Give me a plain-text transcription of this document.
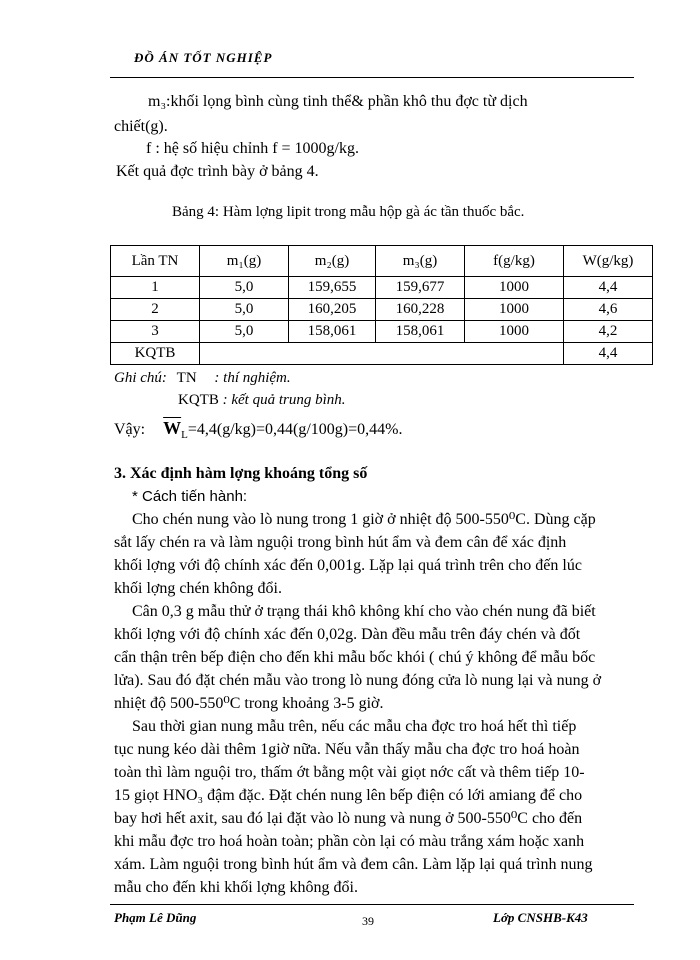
ĐỒ ÁN TỐT NGHIỆP
m₃:khối lọng bình cùng tinh thể& phần khô thu đợc từ dịch
chiết(g).
f : hệ số hiệu chỉnh f = 1000g/kg.
Kết quả đợc trình bày ở bảng 4.
Bảng 4: Hàm lợng lipit trong mẫu hộp gà ác tần thuốc bắc.
Lần TN	m₁(g)	m₂(g)	m₃(g)	f(g/kg)	W(g/kg)
1	5,0	159,655	159,677	1000	4,4
2	5,0	160,205	160,228	1000	4,6
3	5,0	158,061	158,061	1000	4,2
KQTB					4,4
Ghi chú: TN : thí nghiệm.
KQTB : kết quả trung bình.
Vậy: $\overline{W}_L=4,4(g/kg)=0,44(g/100g)=0,44\%$.
3. Xác định hàm lợng khoáng tổng số
* Cách tiến hành:
Cho chén nung vào lò nung trong 1 giờ ở nhiệt độ 500-550⁰C. Dùng cặp
sắt lấy chén ra và làm nguội trong bình hút ẩm và đem cân để xác định
khối lợng với độ chính xác đến 0,001g. Lặp lại quá trình trên cho đến lúc
khối lợng chén không đổi.
Cân 0,3 g mẫu thử ở trạng thái khô không khí cho vào chén nung đã biết
khối lợng với độ chính xác đến 0,02g. Dàn đều mẫu trên đáy chén và đốt
cẩn thận trên bếp điện cho đến khi mẫu bốc khói ( chú ý không để mẫu bốc
lửa). Sau đó đặt chén mẫu vào trong lò nung đóng cửa lò nung lại và nung ở
nhiệt độ 500-550⁰C trong khoảng 3-5 giờ.
Sau thời gian nung mẫu trên, nếu các mẫu cha đợc tro hoá hết thì tiếp
tục nung kéo dài thêm 1giờ nữa. Nếu vẫn thấy mẫu cha đợc tro hoá hoàn
toàn thì làm nguội tro, thấm ớt bằng một vài giọt nớc cất và thêm tiếp 10-
15 giọt HNO₃ đậm đặc. Đặt chén nung lên bếp điện có lới amiang để cho
bay hơi hết axit, sau đó lại đặt vào lò nung và nung ở 500-550⁰C cho đến
khi mẫu đợc tro hoá hoàn toàn; phần còn lại có màu trắng xám hoặc xanh
xám. Làm nguội trong bình hút ẩm và đem cân. Làm lặp lại quá trình nung
mẫu cho đến khi khối lợng không đổi.
Phạm Lê Dũng	39	Lớp CNSHB-K43
